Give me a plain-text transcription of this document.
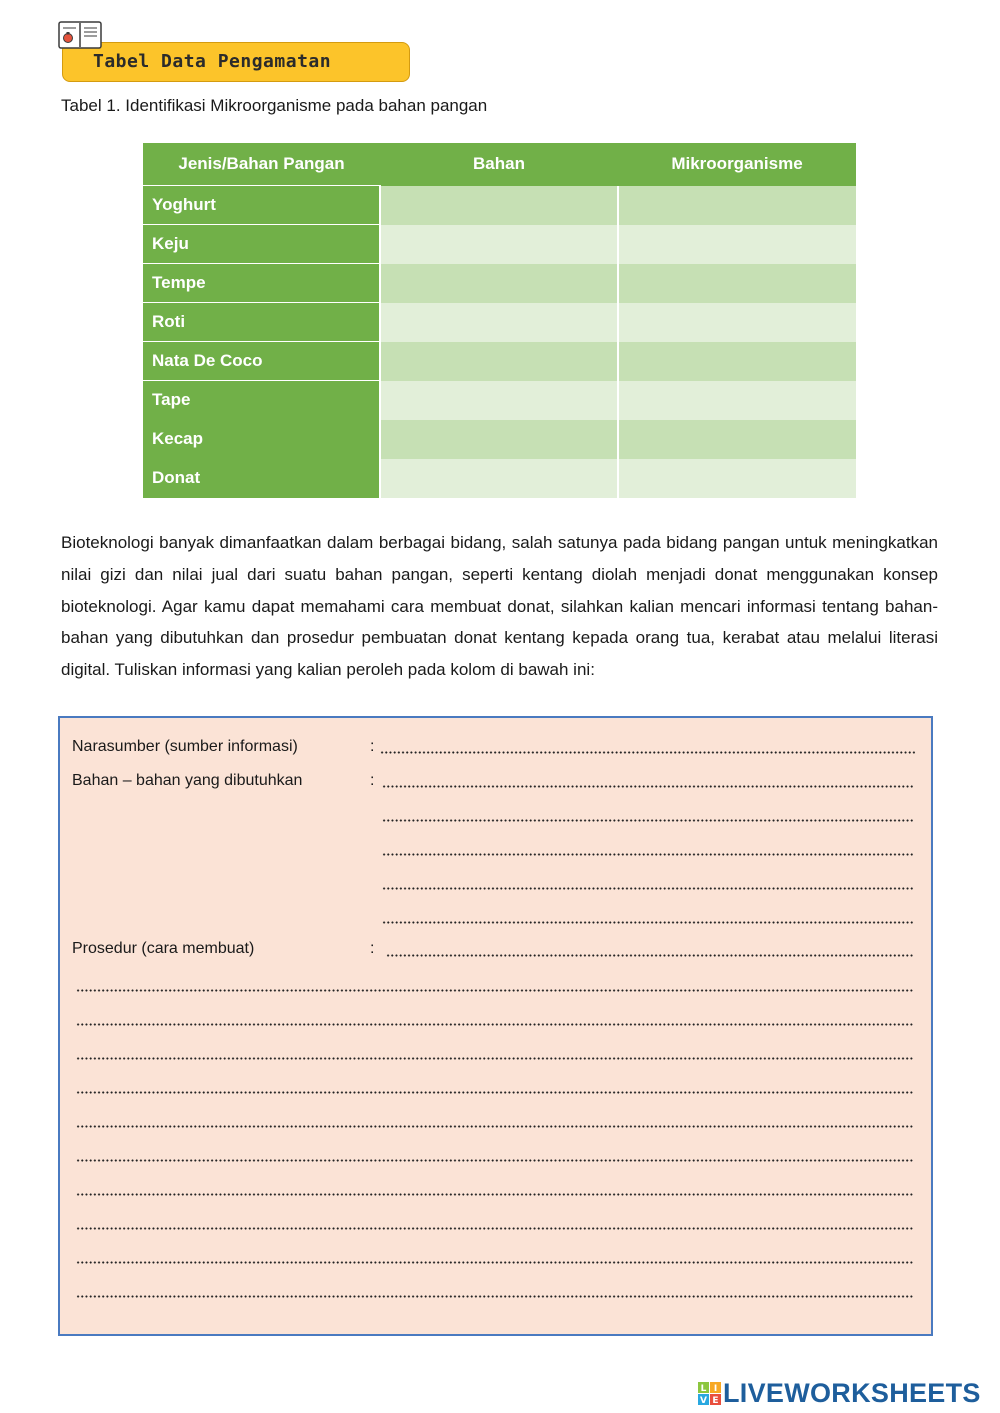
Tabel Data Pengamatan
Tabel 1. Identifikasi Mikroorganisme pada bahan pangan
Jenis/Bahan Pangan	Bahan	Mikroorganisme
Yoghurt		
Keju		
Tempe		
Roti		
Nata De Coco		
Tape		
Kecap		
Donat		
Bioteknologi banyak dimanfaatkan dalam berbagai bidang, salah satunya pada bidang pangan untuk meningkatkan nilai gizi dan nilai jual dari suatu bahan pangan, seperti kentang diolah menjadi donat menggunakan konsep bioteknologi. Agar kamu dapat memahami cara membuat donat, silahkan kalian mencari informasi tentang bahan-bahan yang dibutuhkan dan prosedur pembuatan donat kentang kepada orang tua, kerabat atau melalui literasi digital. Tuliskan informasi yang kalian peroleh pada kolom di bawah ini:
Narasumber (sumber informasi)	:
Bahan – bahan yang dibutuhkan	:
Prosedur (cara membuat)	:
L I
V E LIVEWORKSHEETS
